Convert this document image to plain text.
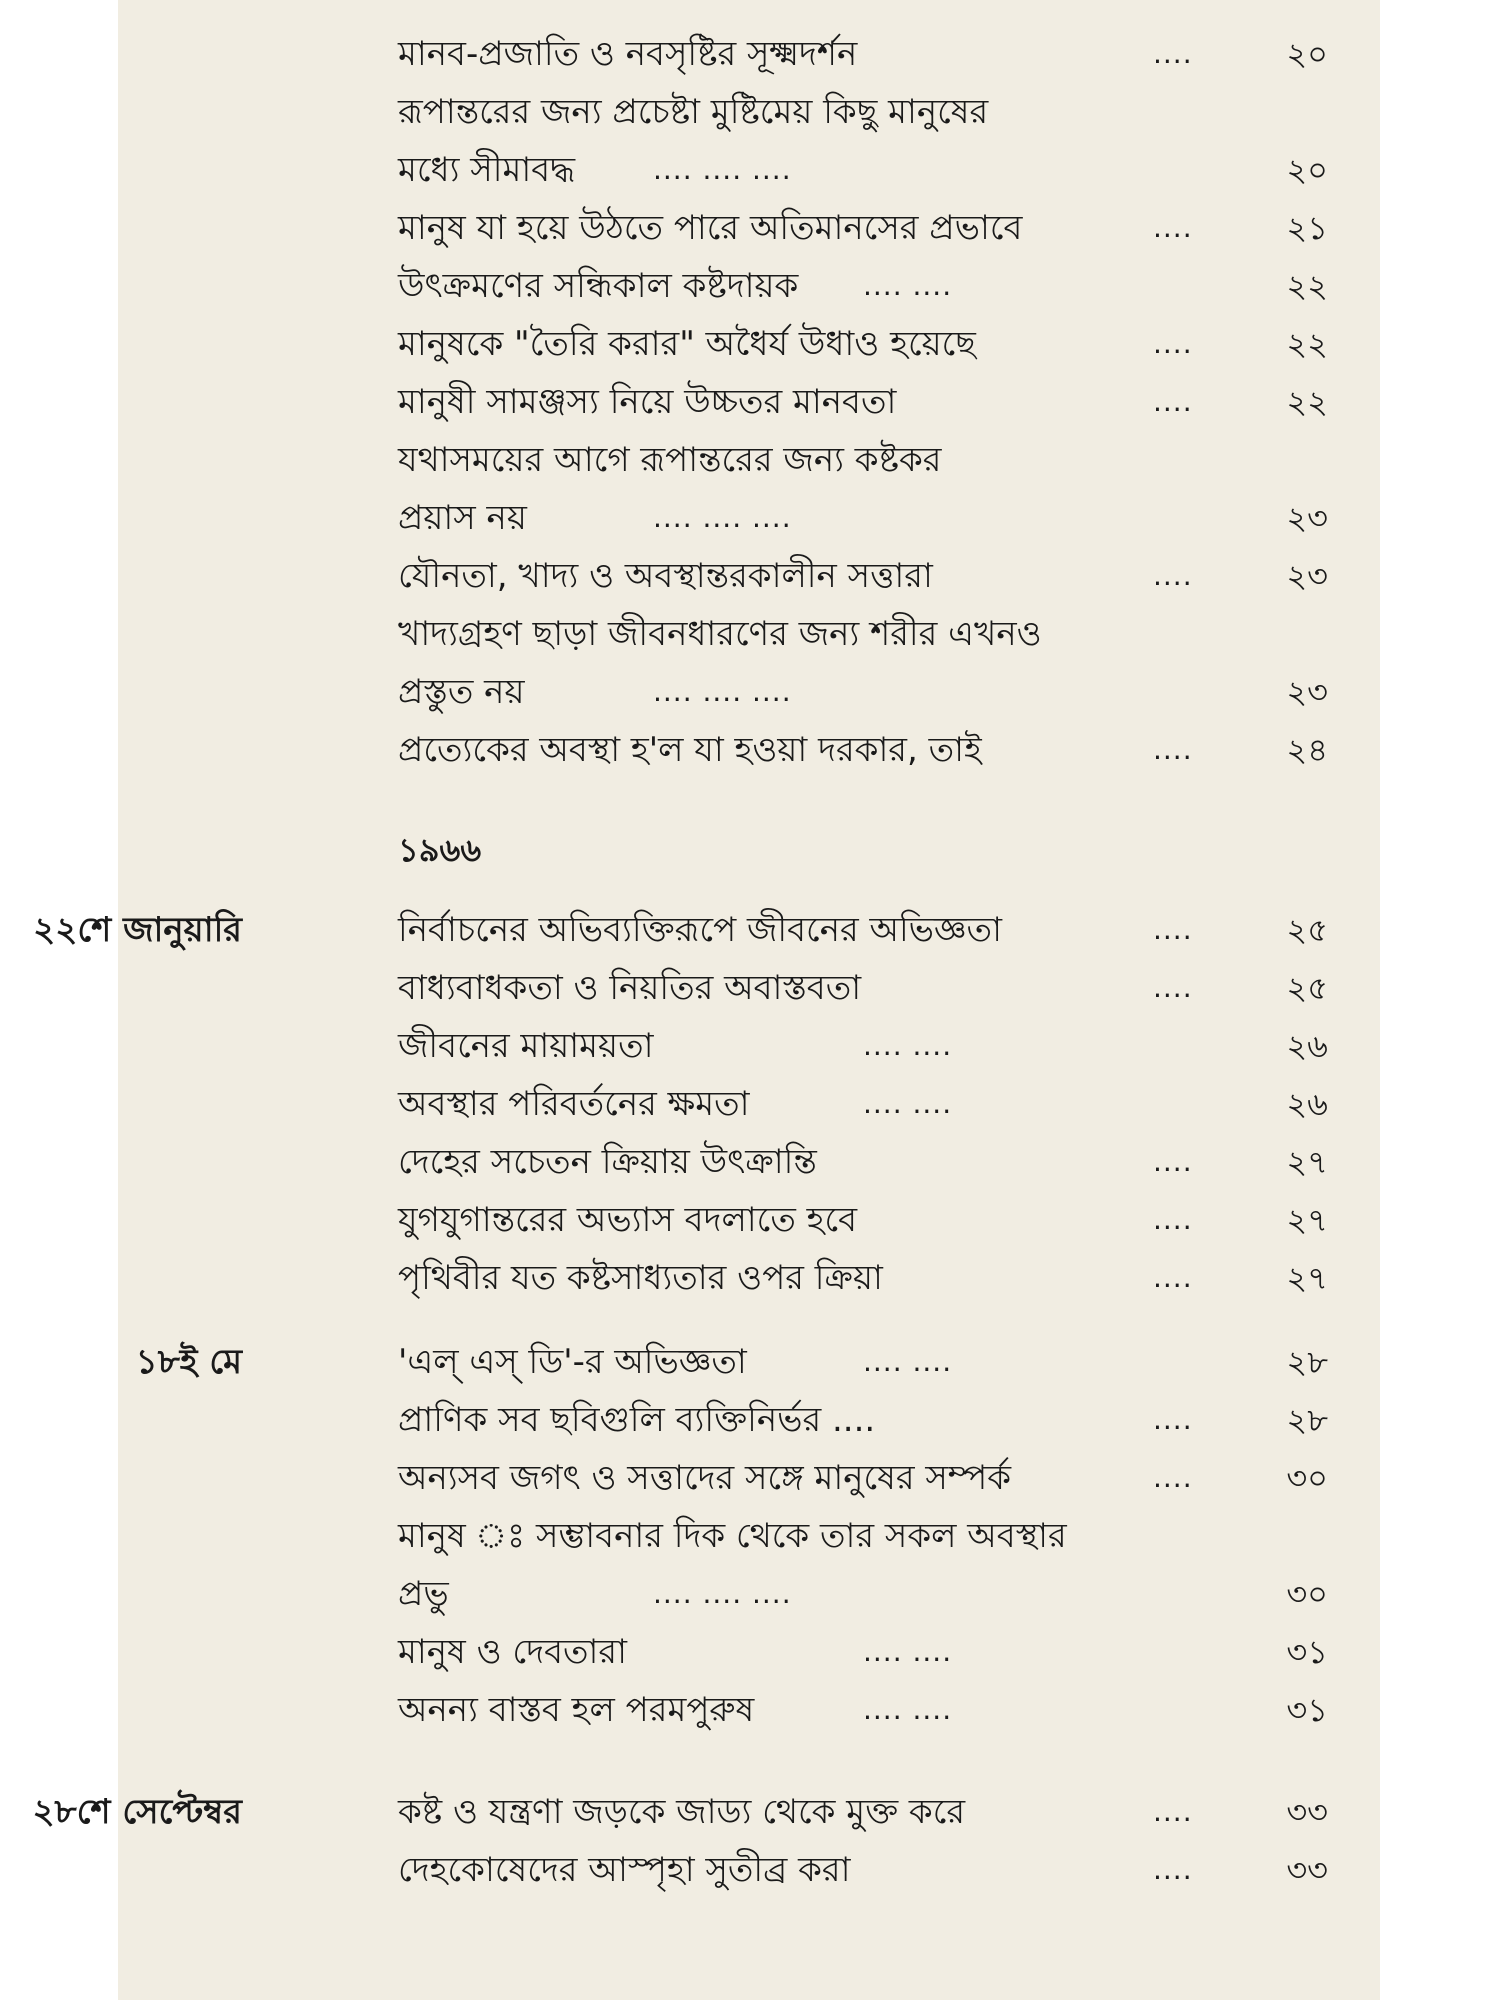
মানব-প্রজাতি ও নবসৃষ্টির সূক্ষ্মদর্শন	....	২০
রূপান্তরের জন্য প্রচেষ্টা মুষ্টিমেয় কিছু মানুষের
মধ্যে সীমাবদ্ধ	.... .... ....	২০
মানুষ যা হয়ে উঠতে পারে অতিমানসের প্রভাবে	....	২১
উৎক্রমণের সন্ধিকাল কষ্টদায়ক .... ....	২২
মানুষকে "তৈরি করার" অধৈর্য উধাও হয়েছে	....	২২
মানুষী সামঞ্জস্য নিয়ে উচ্চতর মানবতা	....	২২
যথাসময়ের আগে রূপান্তরের জন্য কষ্টকর
প্রয়াস নয়	.... .... ....	২৩
যৌনতা, খাদ্য ও অবস্থান্তরকালীন সত্তারা	....	২৩
খাদ্যগ্রহণ ছাড়া জীবনধারণের জন্য শরীর এখনও
প্রস্তুত নয়	.... .... ....	২৩
প্রত্যেকের অবস্থা হ'ল যা হওয়া দরকার, তাই	....	২৪
১৯৬৬
২২শে জানুয়ারি	নির্বাচনের অভিব্যক্তিরূপে জীবনের অভিজ্ঞতা	....	২৫
বাধ্যবাধকতা ও নিয়তির অবাস্তবতা	....	২৫
জীবনের মায়াময়তা	.... ....	২৬
অবস্থার পরিবর্তনের ক্ষমতা	.... ....	২৬
দেহের সচেতন ক্রিয়ায় উৎক্রান্তি	....	২৭
যুগযুগান্তরের অভ্যাস বদলাতে হবে	....	২৭
পৃথিবীর যত কষ্টসাধ্যতার ওপর ক্রিয়া	....	২৭
১৮ই মে	'এল্ এস্ ডি'-র অভিজ্ঞতা	.... ....	২৮
প্রাণিক সব ছবিগুলি ব্যক্তিনির্ভর ....	....	২৮
অন্যসব জগৎ ও সত্তাদের সঙ্গে মানুষের সম্পর্ক	....	৩০
মানুষ ঃ সম্ভাবনার দিক থেকে তার সকল অবস্থার
প্রভু	.... .... ....	৩০
মানুষ ও দেবতারা	.... ....	৩১
অনন্য বাস্তব হল পরমপুরুষ	.... ....	৩১
২৮শে সেপ্টেম্বর	কষ্ট ও যন্ত্রণা জড়কে জাড্য থেকে মুক্ত করে	....	৩৩
দেহকোষেদের আস্পৃহা সুতীব্র করা	....	৩৩
